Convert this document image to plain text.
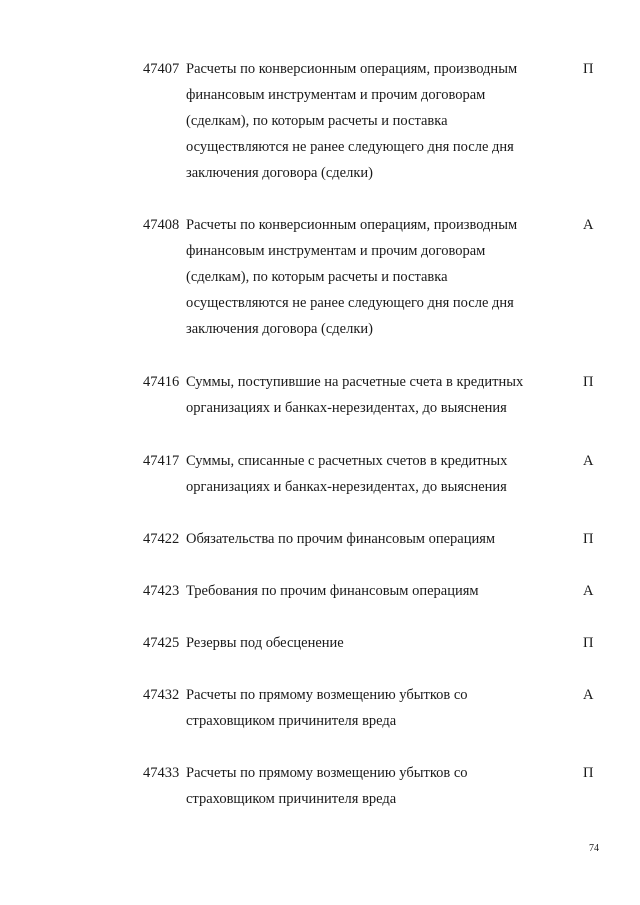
47407 Расчеты по конверсионным операциям, производным
финансовым инструментам и прочим договорам
(сделкам), по которым расчеты и поставка
осуществляются не ранее следующего дня после дня
заключения договора (сделки)
П
47408 Расчеты по конверсионным операциям, производным
финансовым инструментам и прочим договорам
(сделкам), по которым расчеты и поставка
осуществляются не ранее следующего дня после дня
заключения договора (сделки)
А
47416 Суммы, поступившие на расчетные счета в кредитных
организациях и банках-нерезидентах, до выяснения
П
47417 Суммы, списанные с расчетных счетов в кредитных
организациях и банках-нерезидентах, до выяснения
А
47422 Обязательства по прочим финансовым операциям	П
47423 Требования по прочим финансовым операциям	А
47425 Резервы под обесценение	П
47432 Расчеты по прямому возмещению убытков со
страховщиком причинителя вреда
А
47433 Расчеты по прямому возмещению убытков со
страховщиком причинителя вреда
П
74
